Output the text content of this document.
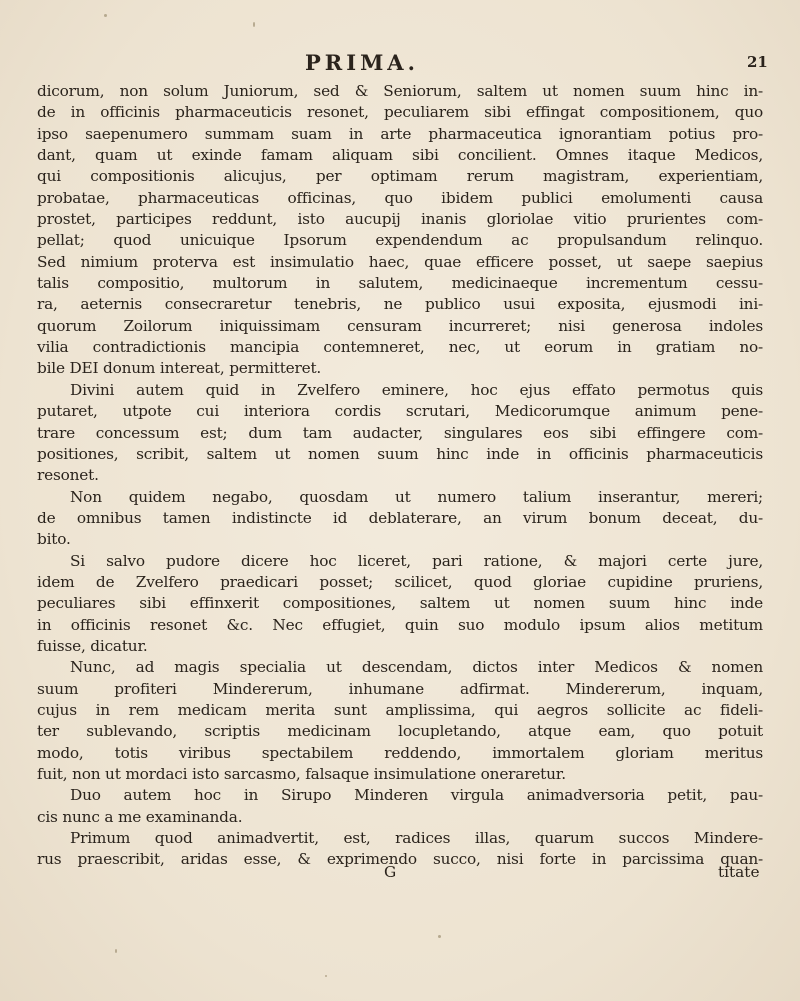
PRIMA.	21
dicorum, non solum Juniorum, sed & Seniorum, saltem ut nomen suum hinc in-
de in officinis pharmaceuticis resonet, peculiarem sibi effingat compositionem, quo
ipso saepenumero summam suam in arte pharmaceutica ignorantiam potius pro-
dant, quam ut exinde famam aliquam sibi concilient. Omnes itaque Medicos,
qui compositionis alicujus, per optimam rerum magistram, experientiam,
probatae, pharmaceuticas officinas, quo ibidem publici emolumenti causa
prostet, participes reddunt, isto aucupij inanis gloriolae vitio prurientes com-
pellat; quod unicuique Ipsorum expendendum ac propulsandum relinquo.
Sed nimium proterva est insimulatio haec, quae efficere posset, ut saepe saepius
talis compositio, multorum in salutem, medicinaeque incrementum cessu-
ra, aeternis consecraretur tenebris, ne publico usui exposita, ejusmodi ini-
quorum Zoilorum iniquissimam censuram incurreret; nisi generosa indoles
vilia contradictionis mancipia contemneret, nec, ut eorum in gratiam no-
bile DEI donum intereat, permitteret.
Divini autem quid in Zvelfero eminere, hoc ejus effato permotus quis
putaret, utpote cui interiora cordis scrutari, Medicorumque animum pene-
trare concessum est; dum tam audacter, singulares eos sibi effingere com-
positiones, scribit, saltem ut nomen suum hinc inde in officinis pharmaceuticis
resonet.
Non quidem negabo, quosdam ut numero talium inserantur, mereri;
de omnibus tamen indistincte id deblaterare, an virum bonum deceat, du-
bito.
Si salvo pudore dicere hoc liceret, pari ratione, & majori certe jure,
idem de Zvelfero praedicari posset; scilicet, quod gloriae cupidine pruriens,
peculiares sibi effinxerit compositiones, saltem ut nomen suum hinc inde
in officinis resonet &c. Nec effugiet, quin suo modulo ipsum alios metitum
fuisse, dicatur.
Nunc, ad magis specialia ut descendam, dictos inter Medicos & nomen
suum profiteri Mindererum, inhumane adfirmat. Mindererum, inquam,
cujus in rem medicam merita sunt amplissima, qui aegros sollicite ac fideli-
ter sublevando, scriptis medicinam locupletando, atque eam, quo potuit
modo, totis viribus spectabilem reddendo, immortalem gloriam meritus
fuit, non ut mordaci isto sarcasmo, falsaque insimulatione oneraretur.
Duo autem hoc in Sirupo Minderen virgula animadversoria petit, pau-
cis nunc a me examinanda.
Primum quod animadvertit, est, radices illas, quarum succos Mindere-
rus praescribit, aridas esse, & exprimendo succo, nisi forte in parcissima quan-
G	titate
